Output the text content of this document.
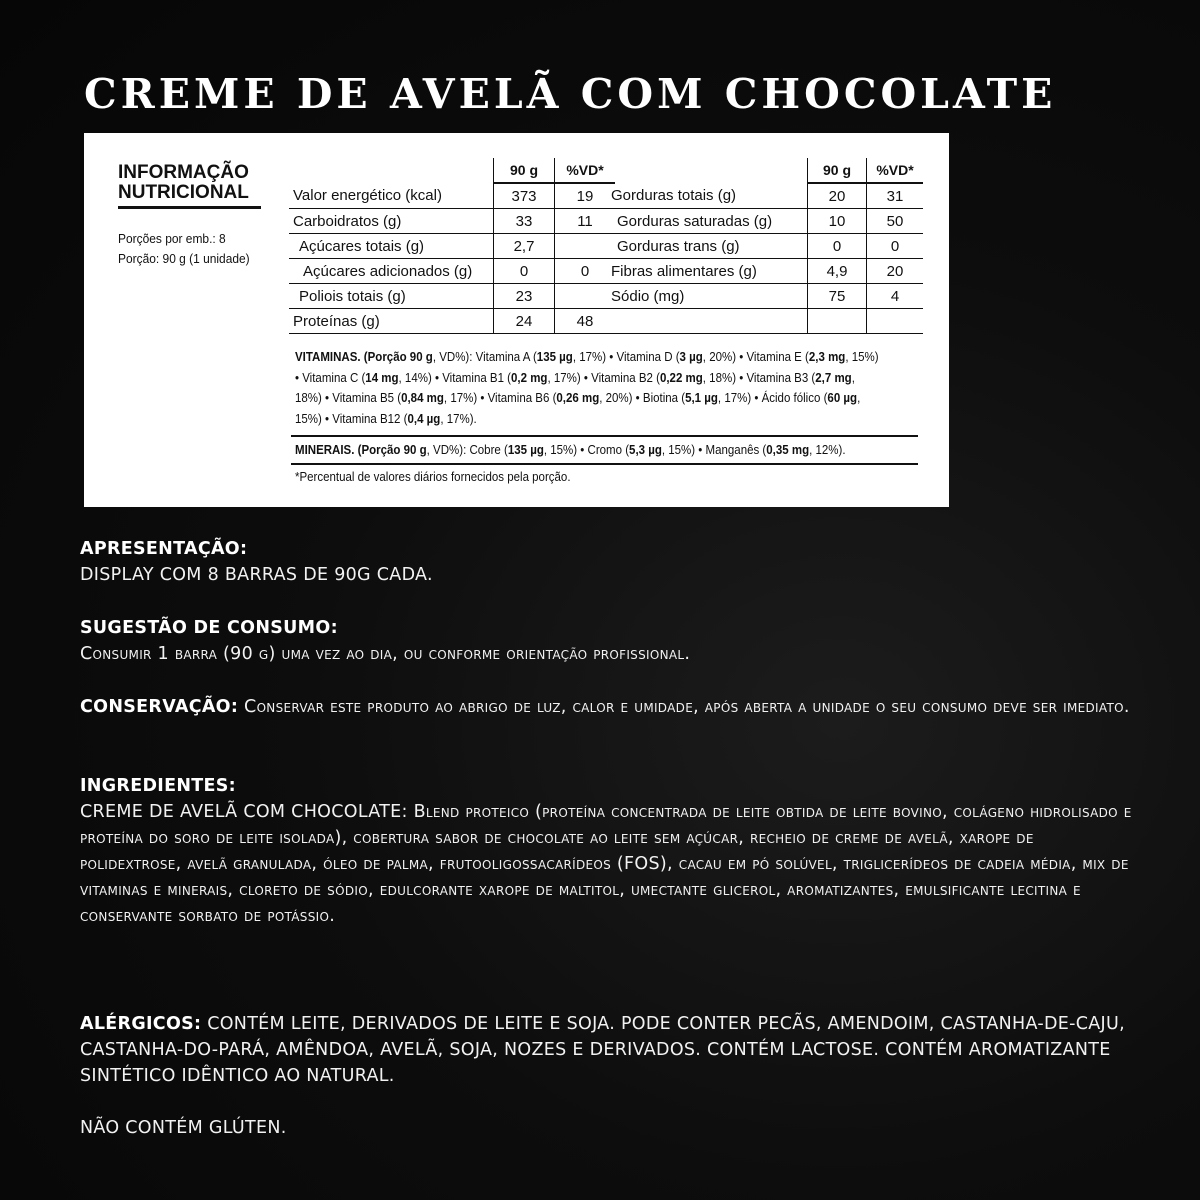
CREME DE AVELÃ COM CHOCOLATE
INFORMAÇÃO
NUTRICIONAL
Porções por emb.: 8
Porção: 90 g (1 unidade)
	90 g	%VD*
Valor energético (kcal)	373	19
Carboidratos (g)	33	11
Açúcares totais (g)	2,7	
Açúcares adicionados (g)	0	0
Poliois totais (g)	23	
Proteínas (g)	24	48
	90 g	%VD*
Gorduras totais (g)	20	31
Gorduras saturadas (g)	10	50
Gorduras trans (g)	0	0
Fibras alimentares (g)	4,9	20
Sódio (mg)	75	4

VITAMINAS. (Porção 90 g, VD%): Vitamina A (135 µg, 17%) • Vitamina D (3 µg, 20%) • Vitamina E (2,3 mg, 15%) • Vitamina C (14 mg, 14%) • Vitamina B1 (0,2 mg, 17%) • Vitamina B2 (0,22 mg, 18%) • Vitamina B3 (2,7 mg, 18%) • Vitamina B5 (0,84 mg, 17%) • Vitamina B6 (0,26 mg, 20%) • Biotina (5,1 µg, 17%) • Ácido fólico (60 µg, 15%) • Vitamina B12 (0,4 µg, 17%).
MINERAIS. (Porção 90 g, VD%): Cobre (135 µg, 15%) • Cromo (5,3 µg, 15%) • Manganês (0,35 mg, 12%).
*Percentual de valores diários fornecidos pela porção.
APRESENTAÇÃO:
DISPLAY COM 8 BARRAS DE 90G CADA.
SUGESTÃO DE CONSUMO:
Consumir 1 barra (90 g) uma vez ao dia, ou conforme orientação profissional.
CONSERVAÇÃO: Conservar este produto ao abrigo de luz, calor e umidade, após aberta a unidade o seu consumo deve ser imediato.
INGREDIENTES:
CREME DE AVELÃ COM CHOCOLATE: Blend proteico (proteína concentrada de leite obtida de leite bovino, colágeno hidrolisado e proteína do soro de leite isolada), cobertura sabor de chocolate ao leite sem açúcar, recheio de creme de avelã, xarope de polidextrose, avelã granulada, óleo de palma, frutooligossacarídeos (FOS), cacau em pó solúvel, triglicerídeos de cadeia média, mix de vitaminas e minerais, cloreto de sódio, edulcorante xarope de maltitol, umectante glicerol, aromatizantes, emulsificante lecitina e conservante sorbato de potássio.
ALÉRGICOS: CONTÉM LEITE, DERIVADOS DE LEITE E SOJA. PODE CONTER PECÃS, AMENDOIM, CASTANHA-DE-CAJU, CASTANHA-DO-PARÁ, AMÊNDOA, AVELÃ, SOJA, NOZES E DERIVADOS. CONTÉM LACTOSE. CONTÉM AROMATIZANTE SINTÉTICO IDÊNTICO AO NATURAL.
NÃO CONTÉM GLÚTEN.
